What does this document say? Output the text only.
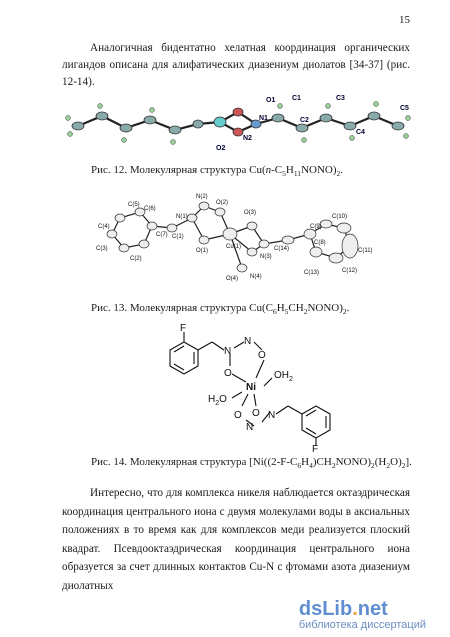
15

Аналогичная бидентатно хелатная координация органических лигандов описана для алифатических диазениум диолатов [34-37] (рис. 12-14).

O1 C1	C3
C5
N1	C2
C4
N2
O2
Рис. 12. Молекулярная структура $Cu(n-C_5H_{11}NONO)_2$.
N(2)
O(2)
C(5)
C(6)
N(1)
O(3)
C(10)
C(4)
C(7) C(1)
Cu(1)
C(9)
C(8)
C(3)
C(2)
O(1)
N(3)
C(14)	C(11)
O(4) N(4)
C(13)	C(12)
Рис. 13. Молекулярная структура $Cu(C_6H_5CH_2NONO)_2$.
F
N	O
N
O
Ni
$OH_2$
$H_2O$
O
O
N
N
F
Рис. 14. Молекулярная структура $[Ni((2-F-C_6H_4)CH_2NONO)_2(H_2O)_2]$.

Интересно, что для комплекса никеля наблюдается октаэдрическая координация центрального иона с двумя молекулами воды в аксиальных положениях в то время как для комплексов меди реализуется плоский квадрат. Псевдооктаэдрическая координация центрального иона образуется за счет длинных контактов Cu-N с фтомами азота диазениум диолатных

dsLib.net
библиотека диссертаций
